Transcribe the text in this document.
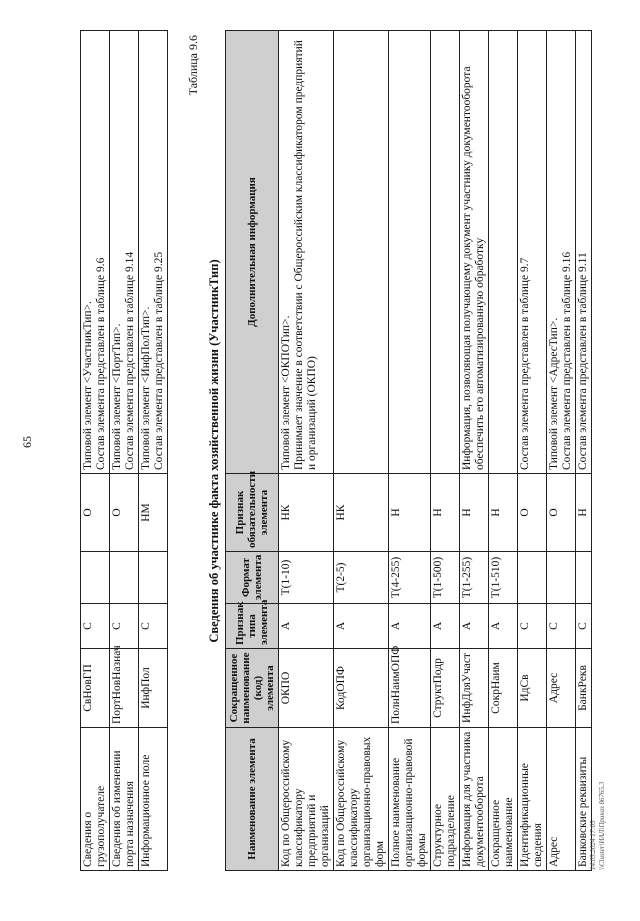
65
Сведения о грузополучателе	СвНовГП	С		О	Типовой элемент <УчастникТип>. Состав элемента представлен в таблице 9.6

Сведения об изменении порта назначения	ПортНовНазнач	С		О	Типовой элемент <ПортТип>. Состав элемента представлен в таблице 9.14

Информационное поле	ИнфПол	С		НМ	Типовой элемент <ИнфПолТип>. Состав элемента представлен в таблице 9.25
Таблица 9.6
Сведения об участнике факта хозяйственной жизни (УчастникТип)
Наименование элемента	Сокращенное наименование (код) элемента	Признак типа элемента	Формат элемента	Признак обязательности элемента	Дополнительная информация

Код по Общероссийскому классификатору предприятий и организаций	ОКПО	А	T(1-10)	НК	Типовой элемент <ОКПОТип>. Принимает значение в соответствии с Общероссийским классификатором предприятий и организаций (ОКПО)

Код по Общероссийскому классификатору организационно-правовых форм	КодОПФ	А	T(2-5)	НК	

Полное наименование организационно-правовой формы	ПолнНаимОПФ	А	T(4-255)	Н	

Структурное подразделение	СтруктПодр	А	T(1-500)	Н	

Информация для участника документооборота	ИнфДляУчаст	А	T(1-255)	Н	Информация, позволяющая получающему документ участнику документооборота обеспечить его автоматизированную обработку

Сокращенное наименование	СокрНаим	А	T(1-510)	Н	

Идентификационные сведения	ИдСв	С		О	Состав элемента представлен в таблице 9.7

Адрес	Адрес	С		О	Типовой элемент <АдресТип>. Состав элемента представлен в таблице 9.16

Банковские реквизиты	БанкРекв	С		Н	Состав элемента представлен в таблице 9.11
14.05.2024 17:05 \\Cluster\ИАЛ\Приказ 86765.3
